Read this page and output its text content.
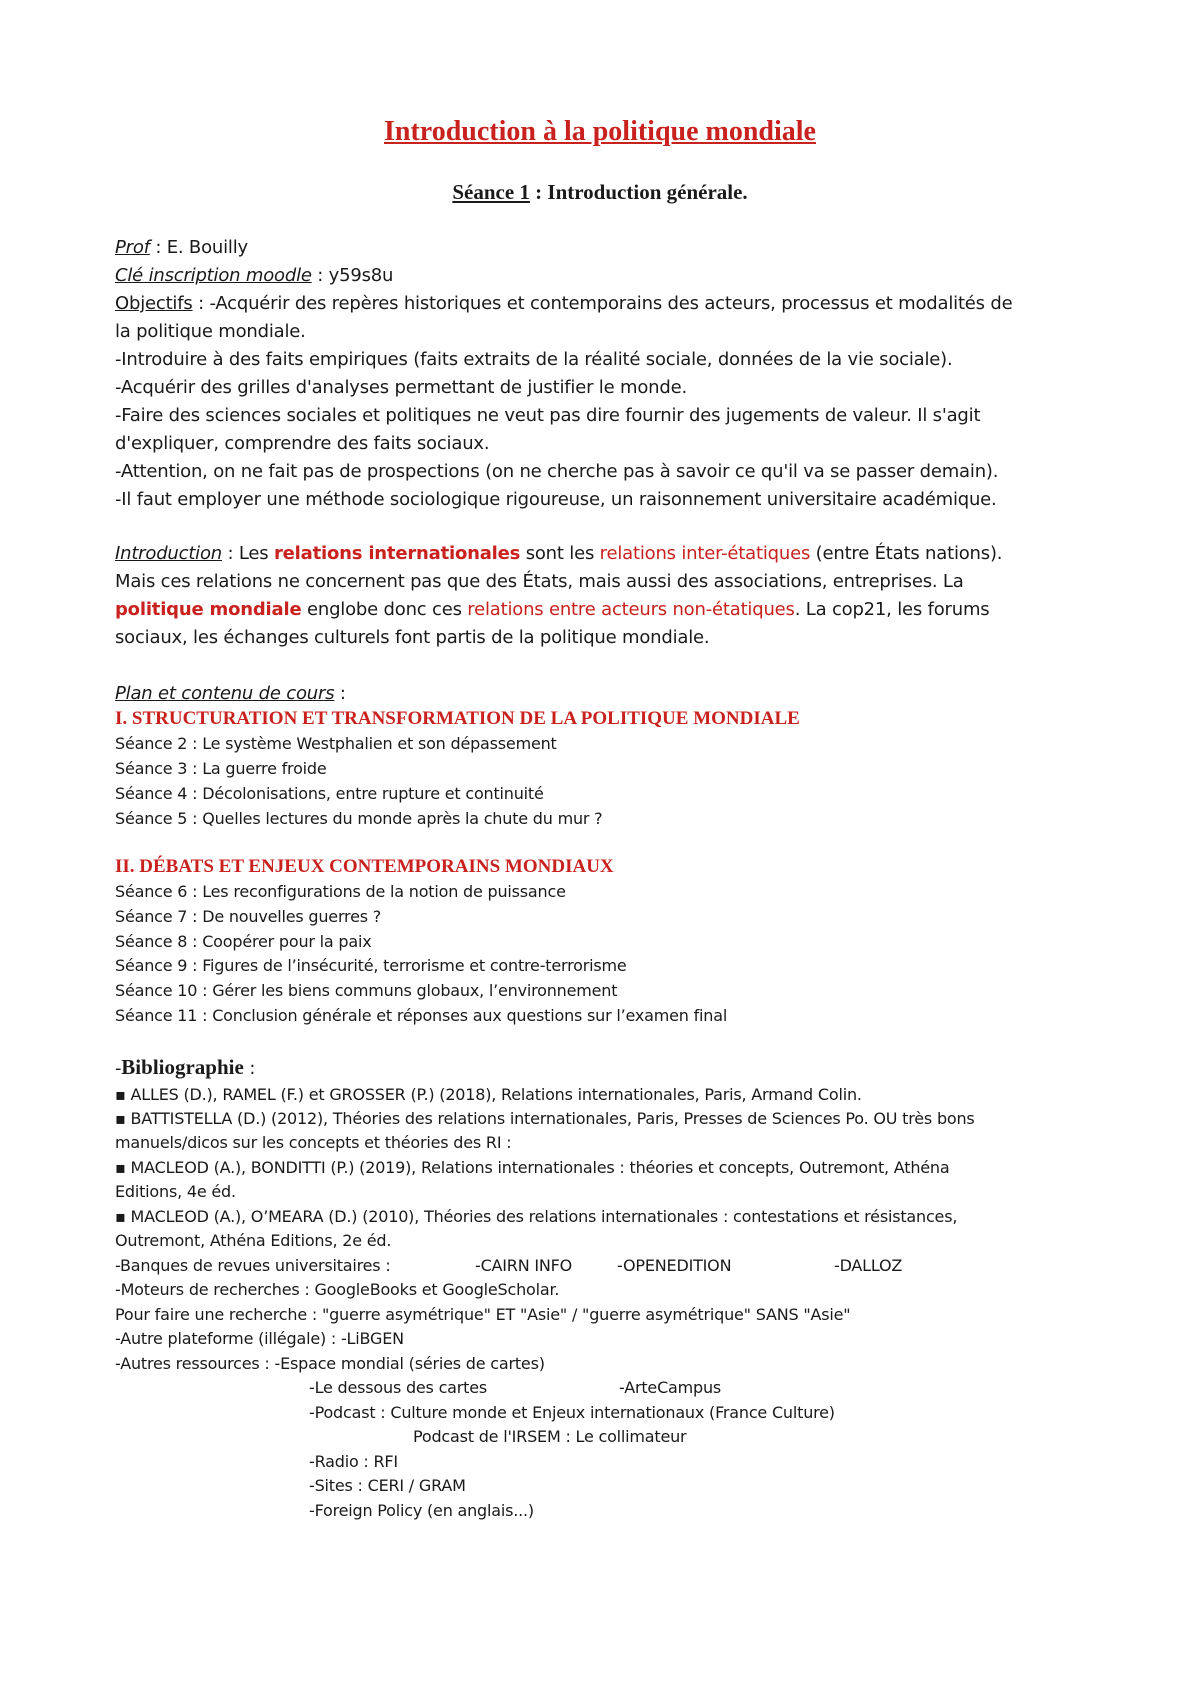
Introduction à la politique mondiale
Séance 1 : Introduction générale.
Prof : E. Bouilly
Clé inscription moodle : y59s8u
Objectifs : -Acquérir des repères historiques et contemporains des acteurs, processus et modalités de
la politique mondiale.
-Introduire à des faits empiriques (faits extraits de la réalité sociale, données de la vie sociale).
-Acquérir des grilles d'analyses permettant de justifier le monde.
-Faire des sciences sociales et politiques ne veut pas dire fournir des jugements de valeur. Il s'agit
d'expliquer, comprendre des faits sociaux.
-Attention, on ne fait pas de prospections (on ne cherche pas à savoir ce qu'il va se passer demain).
-Il faut employer une méthode sociologique rigoureuse, un raisonnement universitaire académique.
Introduction : Les relations internationales sont les relations inter-étatiques (entre États nations).
Mais ces relations ne concernent pas que des États, mais aussi des associations, entreprises. La
politique mondiale englobe donc ces relations entre acteurs non-étatiques. La cop21, les forums
sociaux, les échanges culturels font partis de la politique mondiale.
Plan et contenu de cours :
I. STRUCTURATION ET TRANSFORMATION DE LA POLITIQUE MONDIALE
Séance 2 : Le système Westphalien et son dépassement
Séance 3 : La guerre froide
Séance 4 : Décolonisations, entre rupture et continuité
Séance 5 : Quelles lectures du monde après la chute du mur ?
II. DÉBATS ET ENJEUX CONTEMPORAINS MONDIAUX
Séance 6 : Les reconfigurations de la notion de puissance
Séance 7 : De nouvelles guerres ?
Séance 8 : Coopérer pour la paix
Séance 9 : Figures de l’insécurité, terrorisme et contre-terrorisme
Séance 10 : Gérer les biens communs globaux, l’environnement
Séance 11 : Conclusion générale et réponses aux questions sur l’examen final
-Bibliographie :
▪ ALLES (D.), RAMEL (F.) et GROSSER (P.) (2018), Relations internationales, Paris, Armand Colin.
▪ BATTISTELLA (D.) (2012), Théories des relations internationales, Paris, Presses de Sciences Po. OU très bons
manuels/dicos sur les concepts et théories des RI :
▪ MACLEOD (A.), BONDITTI (P.) (2019), Relations internationales : théories et concepts, Outremont, Athéna
Editions, 4e éd.
▪ MACLEOD (A.), O’MEARA (D.) (2010), Théories des relations internationales : contestations et résistances,
Outremont, Athéna Editions, 2e éd.
-Banques de revues universitaires :	-CAIRN INFO	-OPENEDITION	-DALLOZ
-Moteurs de recherches : GoogleBooks et GoogleScholar.
Pour faire une recherche : "guerre asymétrique" ET "Asie" / "guerre asymétrique" SANS "Asie"
-Autre plateforme (illégale) : -LiBGEN
-Autres ressources : -Espace mondial (séries de cartes)
-Le dessous des cartes	-ArteCampus
-Podcast : Culture monde et Enjeux internationaux (France Culture)
Podcast de l'IRSEM : Le collimateur
-Radio : RFI
-Sites : CERI / GRAM
-Foreign Policy (en anglais...)
